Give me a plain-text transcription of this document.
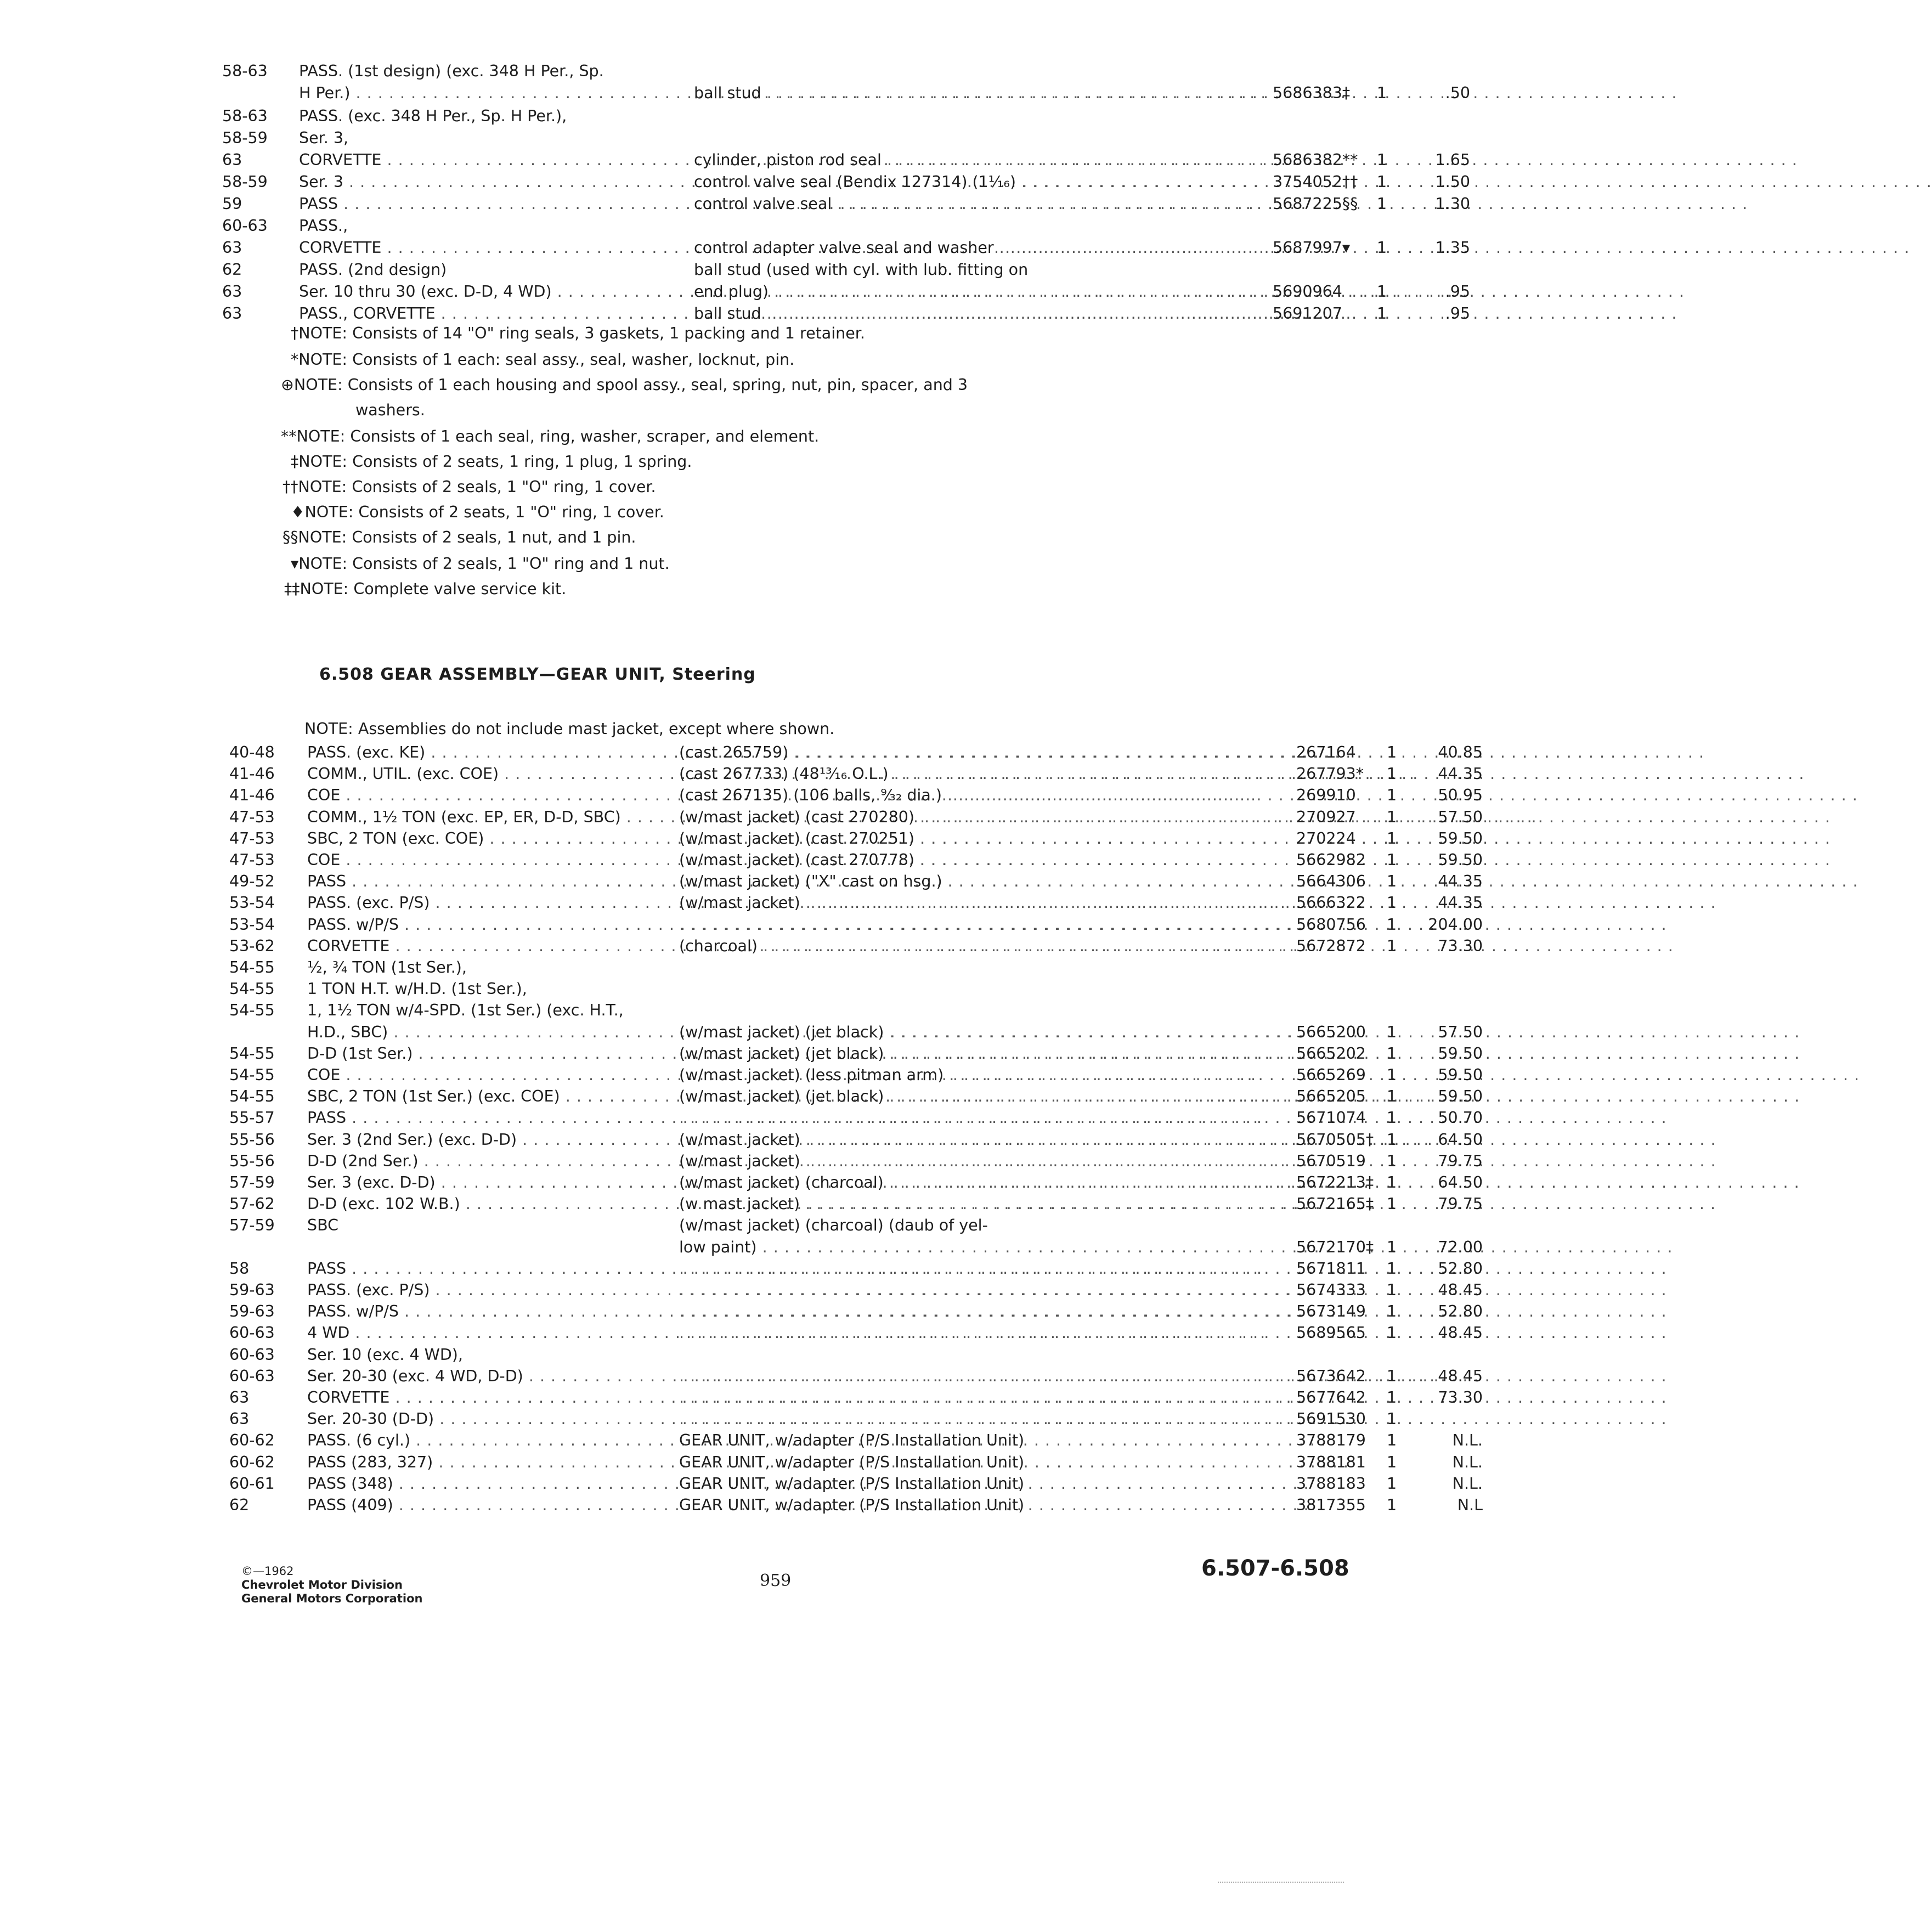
58-63 PASS. (1st design) (exc. 348 H Per., Sp.
H Per.) . . .	ball stud . . .	5686383‡ 1	.50
58-63 PASS. (exc. 348 H Per., Sp. H Per.),
58-59 Ser. 3,
63	CORVETTE . . .	cylinder, piston rod seal . . .	5686382** 1	1.65
58-59 Ser. 3 . . .	control valve seal (Bendix 127314) (1¹⁄₁₆) . . .	3754052†† 1	1.50
59	PASS . . .	control valve seal . . .	5687225§§ 1	1.30
60-63 PASS.,
63	CORVETTE . . .	control adapter valve seal and washer . . .	5687997▾ 1	1.35
62	PASS. (2nd design)	ball stud (used with cyl. with lub. fitting on
63	Ser. 10 thru 30 (exc. D-D, 4 WD) . . .	end plug) . . .	5690964 1	.95
63	PASS., CORVETTE . . .	ball stud . . .	5691207 1	.95
†NOTE: Consists of 14 "O" ring seals, 3 gaskets, 1 packing and 1 retainer.
*NOTE: Consists of 1 each: seal assy., seal, washer, locknut, pin.
⊕NOTE: Consists of 1 each housing and spool assy., seal, spring, nut, pin, spacer, and 3
washers.
**NOTE: Consists of 1 each seal, ring, washer, scraper, and element.
‡NOTE: Consists of 2 seats, 1 ring, 1 plug, 1 spring.
††NOTE: Consists of 2 seals, 1 "O" ring, 1 cover.
♦NOTE: Consists of 2 seats, 1 "O" ring, 1 cover.
§§NOTE: Consists of 2 seals, 1 nut, and 1 pin.
▾NOTE: Consists of 2 seals, 1 "O" ring and 1 nut.
‡‡NOTE: Complete valve service kit.
6.508 GEAR ASSEMBLY—GEAR UNIT, Steering
NOTE: Assemblies do not include mast jacket, except where shown.
40-48 PASS. (exc. KE) . . .	(cast 265759) . . .	267164 1	40.85
41-46 COMM., UTIL. (exc. COE) . . .	(cast 267733) (48¹³⁄₁₆ O.L.) . . .	267793* 1	44.35
41-46 COE . . .	(cast 267135) (106 balls, ⁹⁄₃₂ dia.) . . .	269910 1	50.95
47-53 COMM., 1½ TON (exc. EP, ER, D-D, SBC) . . .	(w/mast jacket) (cast 270280) . . .	270927 1	57.50
47-53 SBC, 2 TON (exc. COE) . . .	(w/mast jacket) (cast 270251) . . .	270224 1	59.50
47-53 COE . . .	(w/mast jacket) (cast 270778) . . .	5662982 1	59.50
49-52 PASS . . .	(w/mast jacket) ("X" cast on hsg.) . . .	5664306 1	44.35
53-54 PASS. (exc. P/S) . . .	(w/mast jacket) . . .	5666322 1	44.35
53-54 PASS. w/P/S . . . . . .	5680756 1	204.00
53-62 CORVETTE . . .	(charcoal) . . .	5672872 1	73.30
54-55 ½, ¾ TON (1st Ser.),
54-55 1 TON H.T. w/H.D. (1st Ser.),
54-55 1, 1½ TON w/4-SPD. (1st Ser.) (exc. H.T.,
H.D., SBC) . . .	(w/mast jacket) (jet black) . . .	5665200 1	57.50
54-55 D-D (1st Ser.) . . .	(w/mast jacket) (jet black) . . .	5665202 1	59.50
54-55 COE . . .	(w/mast jacket) (less pitman arm) . . .	5665269 1	59.50
54-55 SBC, 2 TON (1st Ser.) (exc. COE) . . .	(w/mast jacket) (jet black) . . .	5665205 1	59.50
55-57 PASS . . . . . .	5671074 1	50.70
55-56 Ser. 3 (2nd Ser.) (exc. D-D) . . .	(w/mast jacket) . . .	5670505† 1	64.50
55-56 D-D (2nd Ser.) . . .	(w/mast jacket) . . .	5670519 1	79.75
57-59 Ser. 3 (exc. D-D) . . .	(w/mast jacket) (charcoal) . . .	5672213‡ 1	64.50
57-62 D-D (exc. 102 W.B.) . . .	(w mast jacket) . . .	5672165‡ 1	79.75
57-59 SBC	(w/mast jacket) (charcoal) (daub of yel-
low paint) . . .	5672170‡ 1	72.00
58	PASS . . . . . .	5671811 1	52.80
59-63 PASS. (exc. P/S) . . . . . .	5674333 1	48.45
59-63 PASS. w/P/S . . . . . .	5673149 1	52.80
60-63 4 WD . . . . . .	5689565 1	48.45
60-63 Ser. 10 (exc. 4 WD),
60-63 Ser. 20-30 (exc. 4 WD, D-D) . . . . . .	5673642 1	48.45
63	CORVETTE . . . . . .	5677642 1	73.30
63	Ser. 20-30 (D-D) . . . . . .	5691530 1
60-62 PASS. (6 cyl.) . . .	GEAR UNIT, w/adapter (P/S Installation Unit)	3788179 1	N.L.
60-62 PASS (283, 327) . . .	GEAR UNIT, w/adapter (P/S Installation Unit)	3788181 1	N.L.
60-61 PASS (348) . . .	GEAR UNIT, w/adapter (P/S Installation Unit)	3788183 1	N.L.
62	PASS (409) . . .	GEAR UNIT, w/adapter (P/S Installation Unit)	3817355 1	N.L
©—1962
Chevrolet Motor Division
General Motors Corporation
959	6.507-6.508
